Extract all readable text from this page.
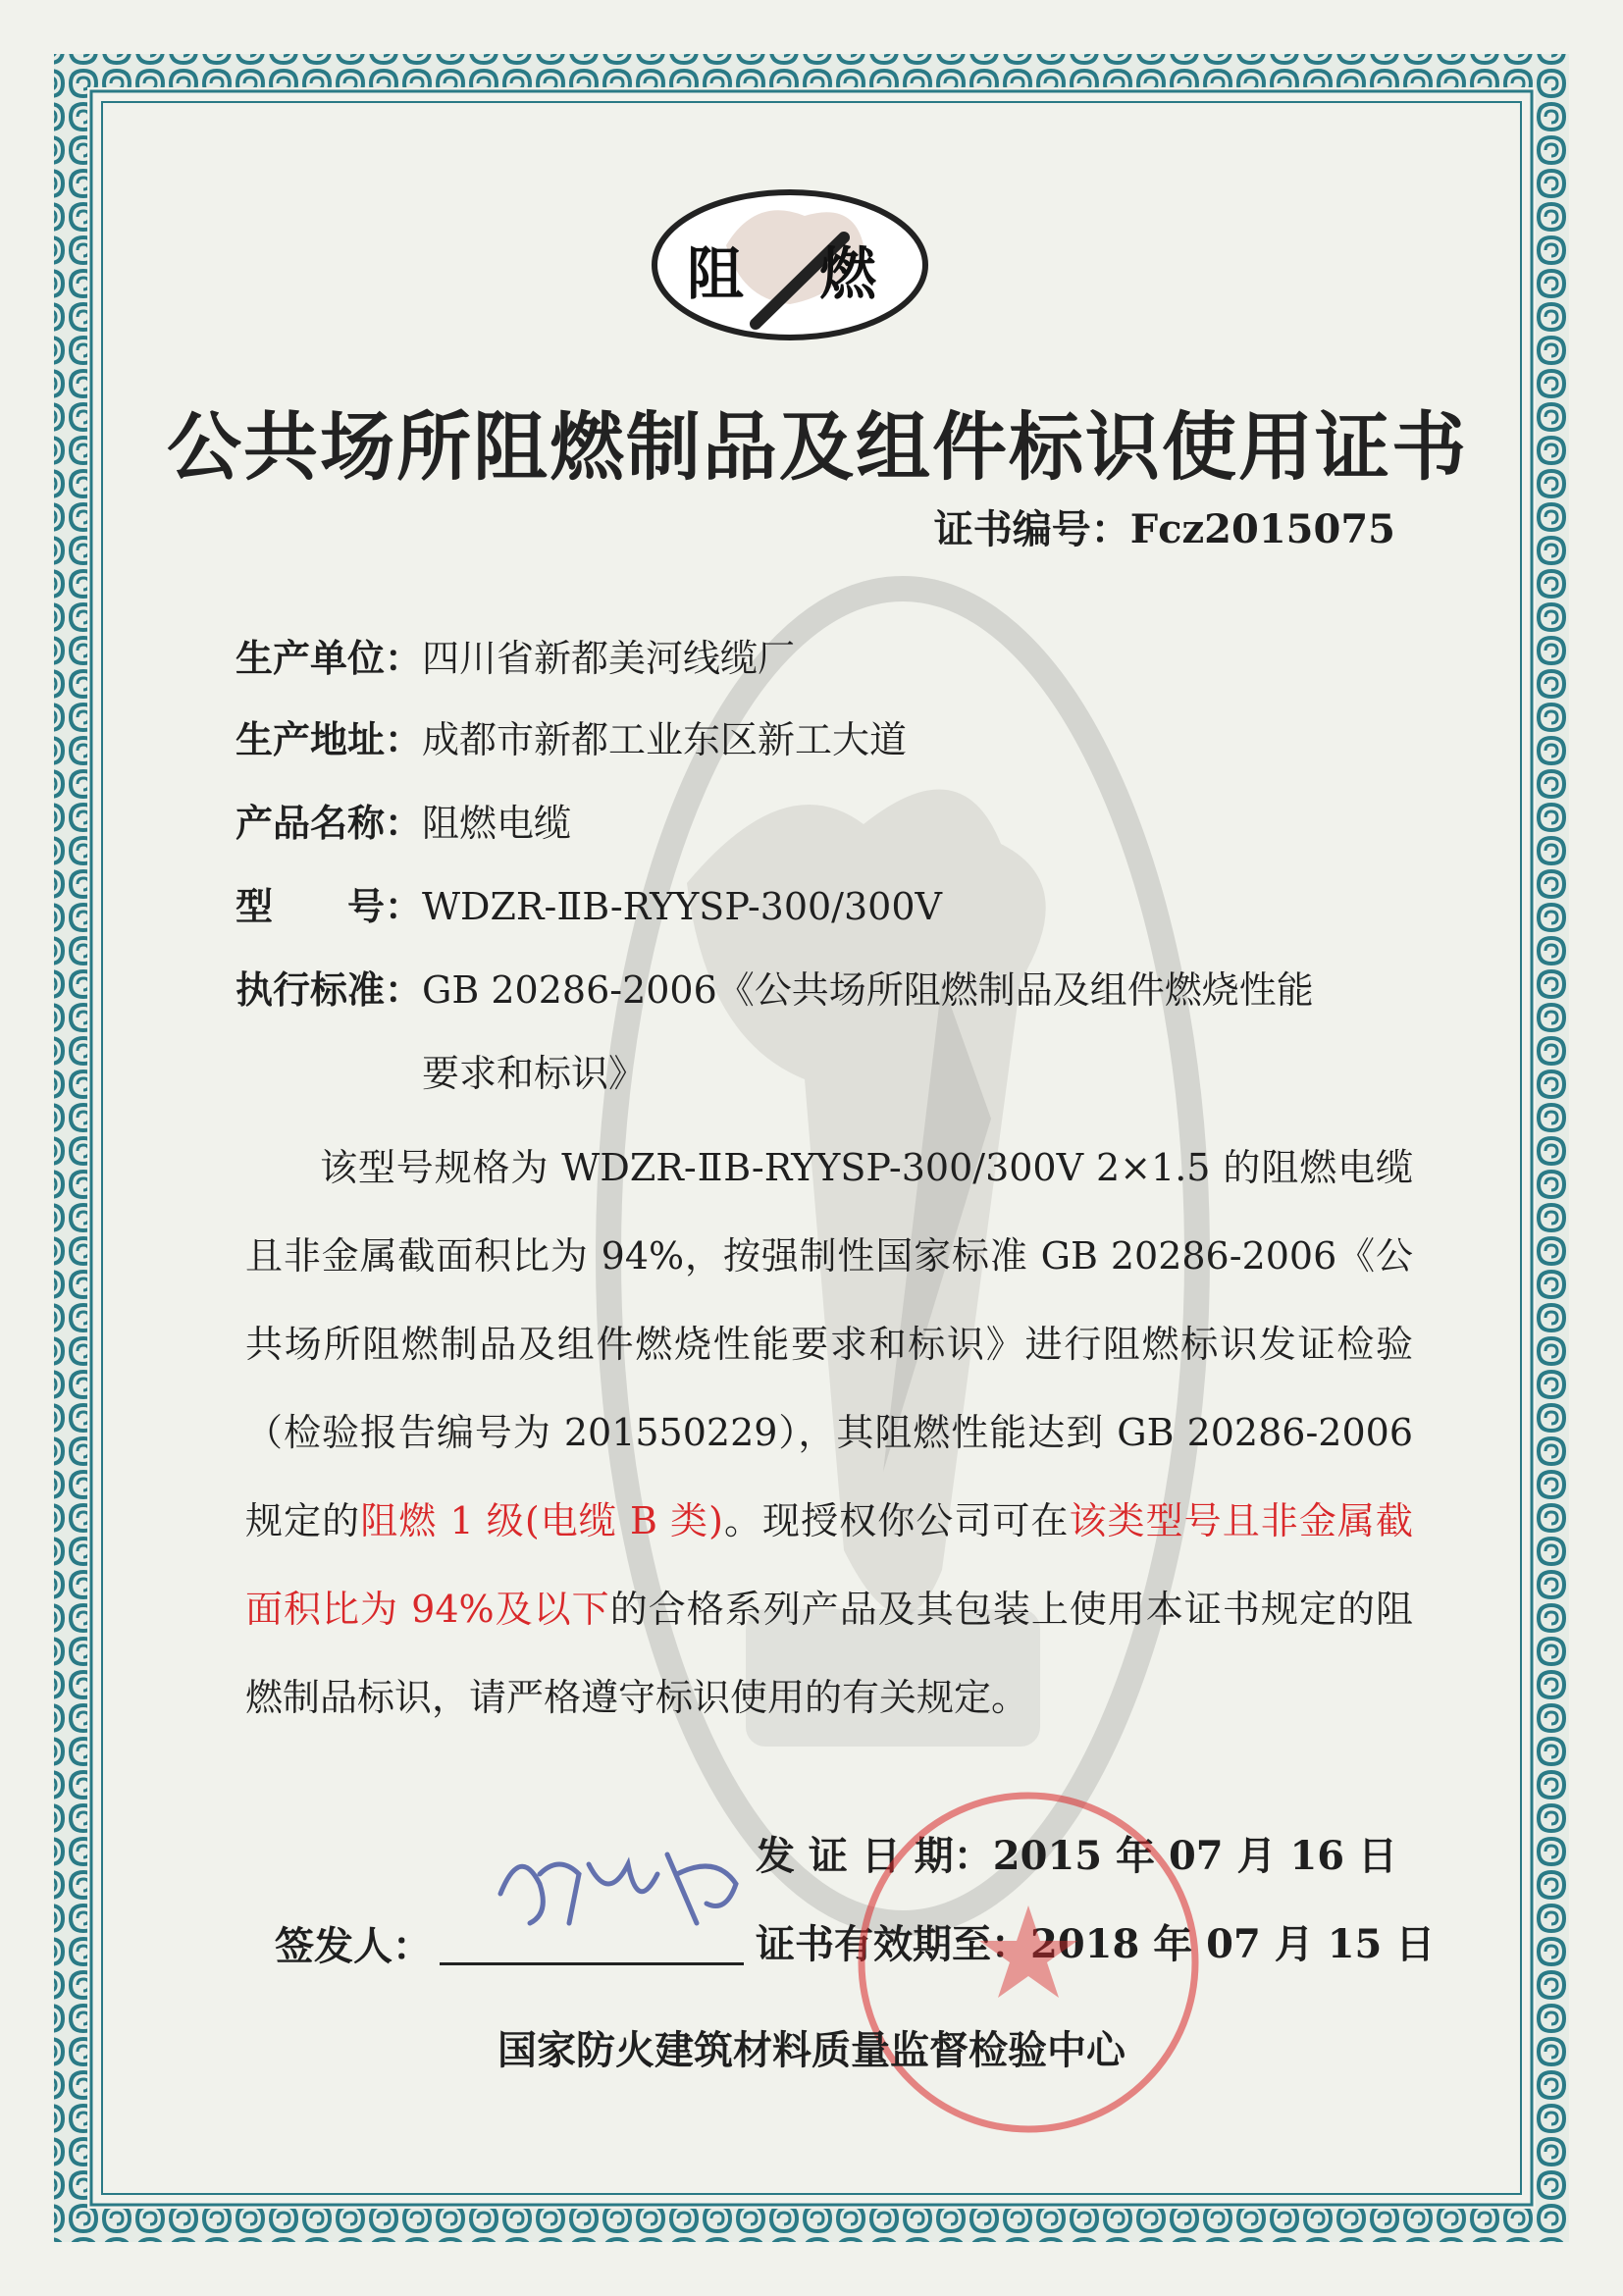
阻 燃
公共场所阻燃制品及组件标识使用证书
证书编号：Fcz2015075
生产单位：四川省新都美河线缆厂
生产地址：成都市新都工业东区新工大道
产品名称：阻燃电缆
型　　号：WDZR-ⅡB-RYYSP-300/300V
执行标准：GB 20286-2006《公共场所阻燃制品及组件燃烧性能
要求和标识》
该型号规格为 WDZR-ⅡB-RYYSP-300/300V 2×1.5 的阻燃电缆且非金属截面积比为 94%，按强制性国家标准 GB 20286-2006《公共场所阻燃制品及组件燃烧性能要求和标识》进行阻燃标识发证检验（检验报告编号为 201550229），其阻燃性能达到 GB 20286-2006 规定的阻燃 1 级(电缆 B 类)。现授权你公司可在该类型号且非金属截面积比为 94%及以下的合格系列产品及其包装上使用本证书规定的阻燃制品标识，请严格遵守标识使用的有关规定。
发 证 日 期：2015 年 07 月 16 日
签发人：	证书有效期至：2018 年 07 月 15 日
国家防火建筑材料质量监督检验中心
